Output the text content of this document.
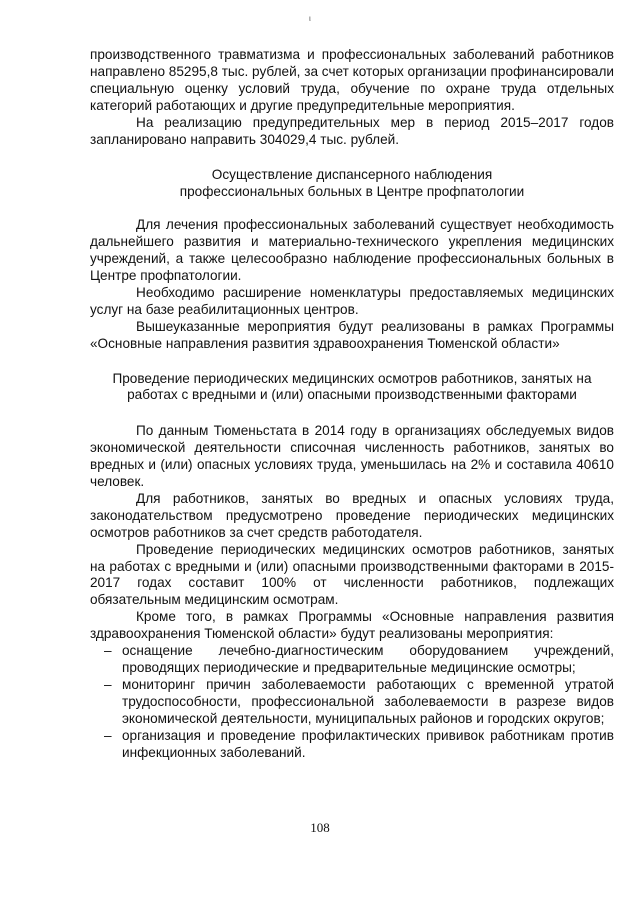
ι

производственного травматизма и профессиональных заболеваний работников направлено 85295,8 тыс. рублей, за счет которых организации профинансировали специальную оценку условий труда, обучение по охране труда отдельных категорий работающих и другие предупредительные мероприятия.

На реализацию предупредительных мер в период 2015–2017 годов запланировано направить 304029,4 тыс. рублей.

Осуществление диспансерного наблюдения

профессиональных больных в Центре профпатологии

Для лечения профессиональных заболеваний существует необходимость дальнейшего развития и материально-технического укрепления медицинских учреждений, а также целесообразно наблюдение профессиональных больных в Центре профпатологии.

Необходимо расширение номенклатуры предоставляемых медицинских услуг на базе реабилитационных центров.

Вышеуказанные мероприятия будут реализованы в рамках Программы «Основные направления развития здравоохранения Тюменской области»

Проведение периодических медицинских осмотров работников, занятых на

работах с вредными и (или) опасными производственными факторами

По данным Тюменьстата в 2014 году в организациях обследуемых видов экономической деятельности списочная численность работников, занятых во вредных и (или) опасных условиях труда, уменьшилась на 2% и составила 40610 человек.

Для работников, занятых во вредных и опасных условиях труда, законодательством предусмотрено проведение периодических медицинских осмотров работников за счет средств работодателя.

Проведение периодических медицинских осмотров работников, занятых на работах с вредными и (или) опасными производственными факторами в 2015-2017 годах составит 100% от численности работников, подлежащих обязательным медицинским осмотрам.

Кроме того, в рамках Программы «Основные направления развития здравоохранения Тюменской области» будут реализованы мероприятия:

– оснащение лечебно-диагностическим оборудованием учреждений, проводящих периодические и предварительные медицинские осмотры;
– мониторинг причин заболеваемости работающих с временной утратой трудоспособности, профессиональной заболеваемости в разрезе видов экономической деятельности, муниципальных районов и городских округов;
– организация и проведение профилактических прививок работникам против инфекционных заболеваний.
108
